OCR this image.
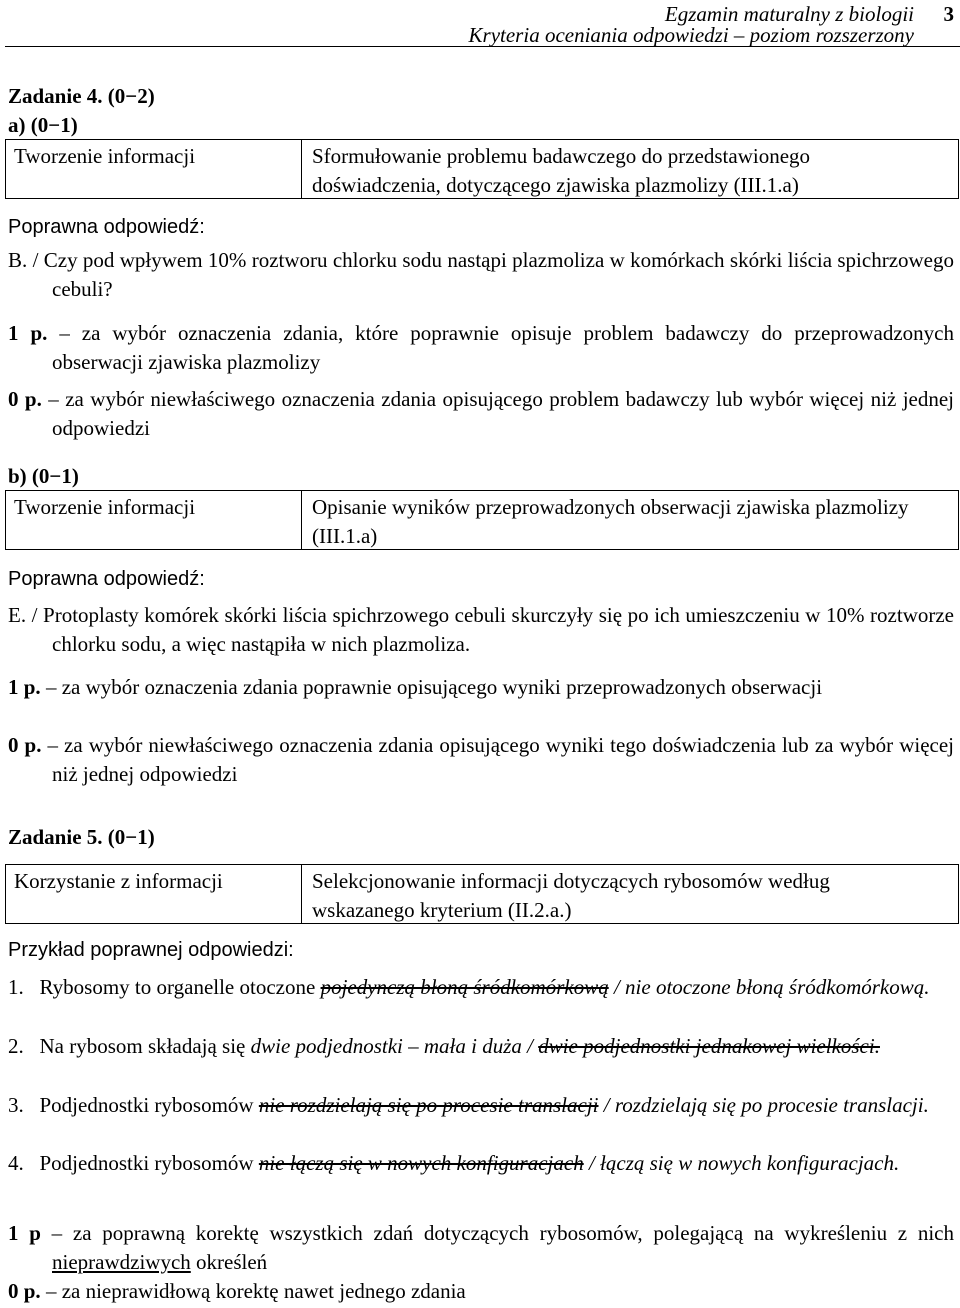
Egzamin maturalny z biologii
Kryteria oceniania odpowiedzi – poziom rozszerzony
3
Zadanie 4. (0−2)
a) (0−1)
Tworzenie informacji	Sformułowanie problemu badawczego do przedstawionego doświadczenia, dotyczącego zjawiska plazmolizy (III.1.a)
Poprawna odpowiedź:
B. / Czy pod wpływem 10% roztworu chlorku sodu nastąpi plazmoliza w komórkach skórki liścia spichrzowego cebuli?
1 p. – za wybór oznaczenia zdania, które poprawnie opisuje problem badawczy do przeprowadzonych obserwacji zjawiska plazmolizy
0 p. – za wybór niewłaściwego oznaczenia zdania opisującego problem badawczy lub wybór więcej niż jednej odpowiedzi
b) (0−1)
Tworzenie informacji	Opisanie wyników przeprowadzonych obserwacji zjawiska plazmolizy (III.1.a)
Poprawna odpowiedź:
E. / Protoplasty komórek skórki liścia spichrzowego cebuli skurczyły się po ich umieszczeniu w 10% roztworze chlorku sodu, a więc nastąpiła w nich plazmoliza.
1 p. – za wybór oznaczenia zdania poprawnie opisującego wyniki przeprowadzonych obserwacji
0 p. – za wybór niewłaściwego oznaczenia zdania opisującego wyniki tego doświadczenia lub za wybór więcej niż jednej odpowiedzi
Zadanie 5. (0−1)
Korzystanie z informacji	Selekcjonowanie informacji dotyczących rybosomów według wskazanego kryterium (II.2.a.)
Przykład poprawnej odpowiedzi:
1. Rybosomy to organelle otoczone pojedynczą błoną śródkomórkową / nie otoczone błoną śródkomórkową.
2. Na rybosom składają się dwie podjednostki – mała i duża / dwie podjednostki jednakowej wielkości.
3. Podjednostki rybosomów nie rozdzielają się po procesie translacji / rozdzielają się po procesie translacji.
4. Podjednostki rybosomów nie łączą się w nowych konfiguracjach / łączą się w nowych konfiguracjach.
1 p – za poprawną korektę wszystkich zdań dotyczących rybosomów, polegającą na wykreśleniu z nich nieprawdziwych określeń
0 p. – za nieprawidłową korektę nawet jednego zdania
